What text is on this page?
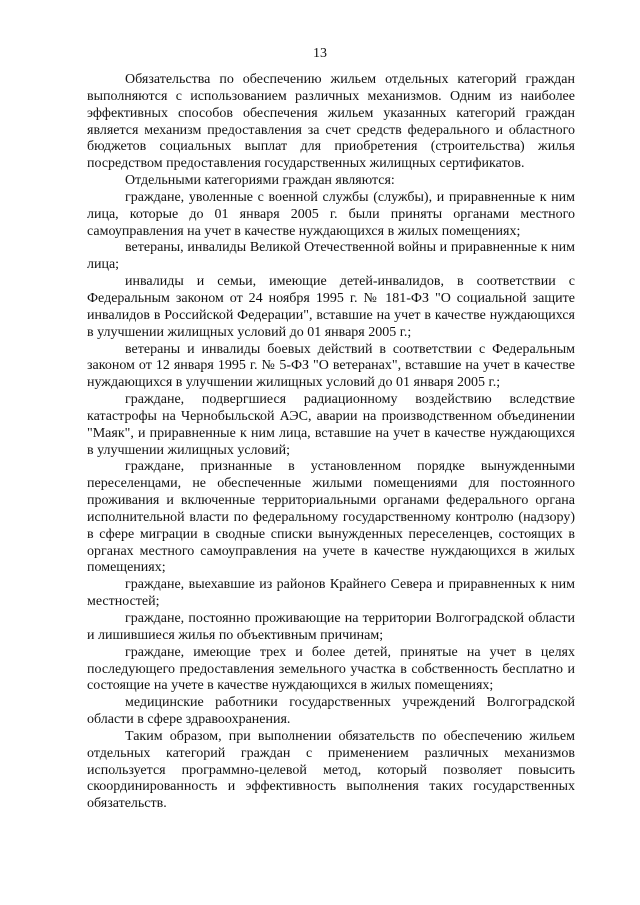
13

Обязательства по обеспечению жильем отдельных категорий граждан выполняются с использованием различных механизмов. Одним из наиболее эффективных способов обеспечения жильем указанных категорий граждан является механизм предоставления за счет средств федерального и областного бюджетов социальных выплат для приобретения (строительства) жилья посредством предоставления государственных жилищных сертификатов.

Отдельными категориями граждан являются:

граждане, уволенные с военной службы (службы), и приравненные к ним лица, которые до 01 января 2005 г. были приняты органами местного самоуправления на учет в качестве нуждающихся в жилых помещениях;

ветераны, инвалиды Великой Отечественной войны и приравненные к ним лица;

инвалиды и семьи, имеющие детей-инвалидов, в соответствии с Федеральным законом от 24 ноября 1995 г. № 181-ФЗ "О социальной защите инвалидов в Российской Федерации", вставшие на учет в качестве нуждающихся в улучшении жилищных условий до 01 января 2005 г.;

ветераны и инвалиды боевых действий в соответствии с Федеральным законом от 12 января 1995 г. № 5-ФЗ "О ветеранах", вставшие на учет в качестве нуждающихся в улучшении жилищных условий до 01 января 2005 г.;

граждане, подвергшиеся радиационному воздействию вследствие катастрофы на Чернобыльской АЭС, аварии на производственном объединении "Маяк", и приравненные к ним лица, вставшие на учет в качестве нуждающихся в улучшении жилищных условий;

граждане, признанные в установленном порядке вынужденными переселенцами, не обеспеченные жилыми помещениями для постоянного проживания и включенные территориальными органами федерального органа исполнительной власти по федеральному государственному контролю (надзору) в сфере миграции в сводные списки вынужденных переселенцев, состоящих в органах местного самоуправления на учете в качестве нуждающихся в жилых помещениях;

граждане, выехавшие из районов Крайнего Севера и приравненных к ним местностей;

граждане, постоянно проживающие на территории Волгоградской области и лишившиеся жилья по объективным причинам;

граждане, имеющие трех и более детей, принятые на учет в целях последующего предоставления земельного участка в собственность бесплатно и состоящие на учете в качестве нуждающихся в жилых помещениях;

медицинские работники государственных учреждений Волгоградской области в сфере здравоохранения.

Таким образом, при выполнении обязательств по обеспечению жильем отдельных категорий граждан с применением различных механизмов используется программно-целевой метод, который позволяет повысить скоординированность и эффективность выполнения таких государственных обязательств.
